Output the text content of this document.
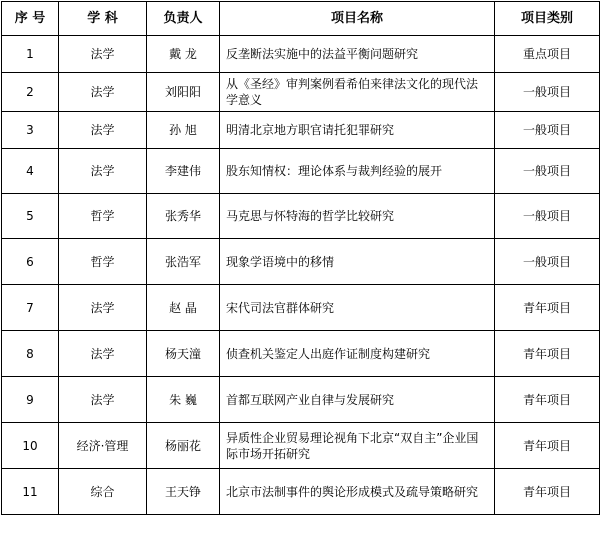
序 号	学 科	负责人	项目名称	项目类别
1	法学	戴 龙	反垄断法实施中的法益平衡问题研究	重点项目
2	法学	刘阳阳	从《圣经》审判案例看希伯来律法文化的现代法学意义	一般项目
3	法学	孙 旭	明清北京地方职官请托犯罪研究	一般项目
4	法学	李建伟	股东知情权：理论体系与裁判经验的展开	一般项目
5	哲学	张秀华	马克思与怀特海的哲学比较研究	一般项目
6	哲学	张浩军	现象学语境中的移情	一般项目
7	法学	赵 晶	宋代司法官群体研究	青年项目
8	法学	杨天潼	侦查机关鉴定人出庭作证制度构建研究	青年项目
9	法学	朱 巍	首都互联网产业自律与发展研究	青年项目
10	经济·管理	杨丽花	异质性企业贸易理论视角下北京“双自主”企业国际市场开拓研究	青年项目
11	综合	王天铮	北京市法制事件的舆论形成模式及疏导策略研究	青年项目
